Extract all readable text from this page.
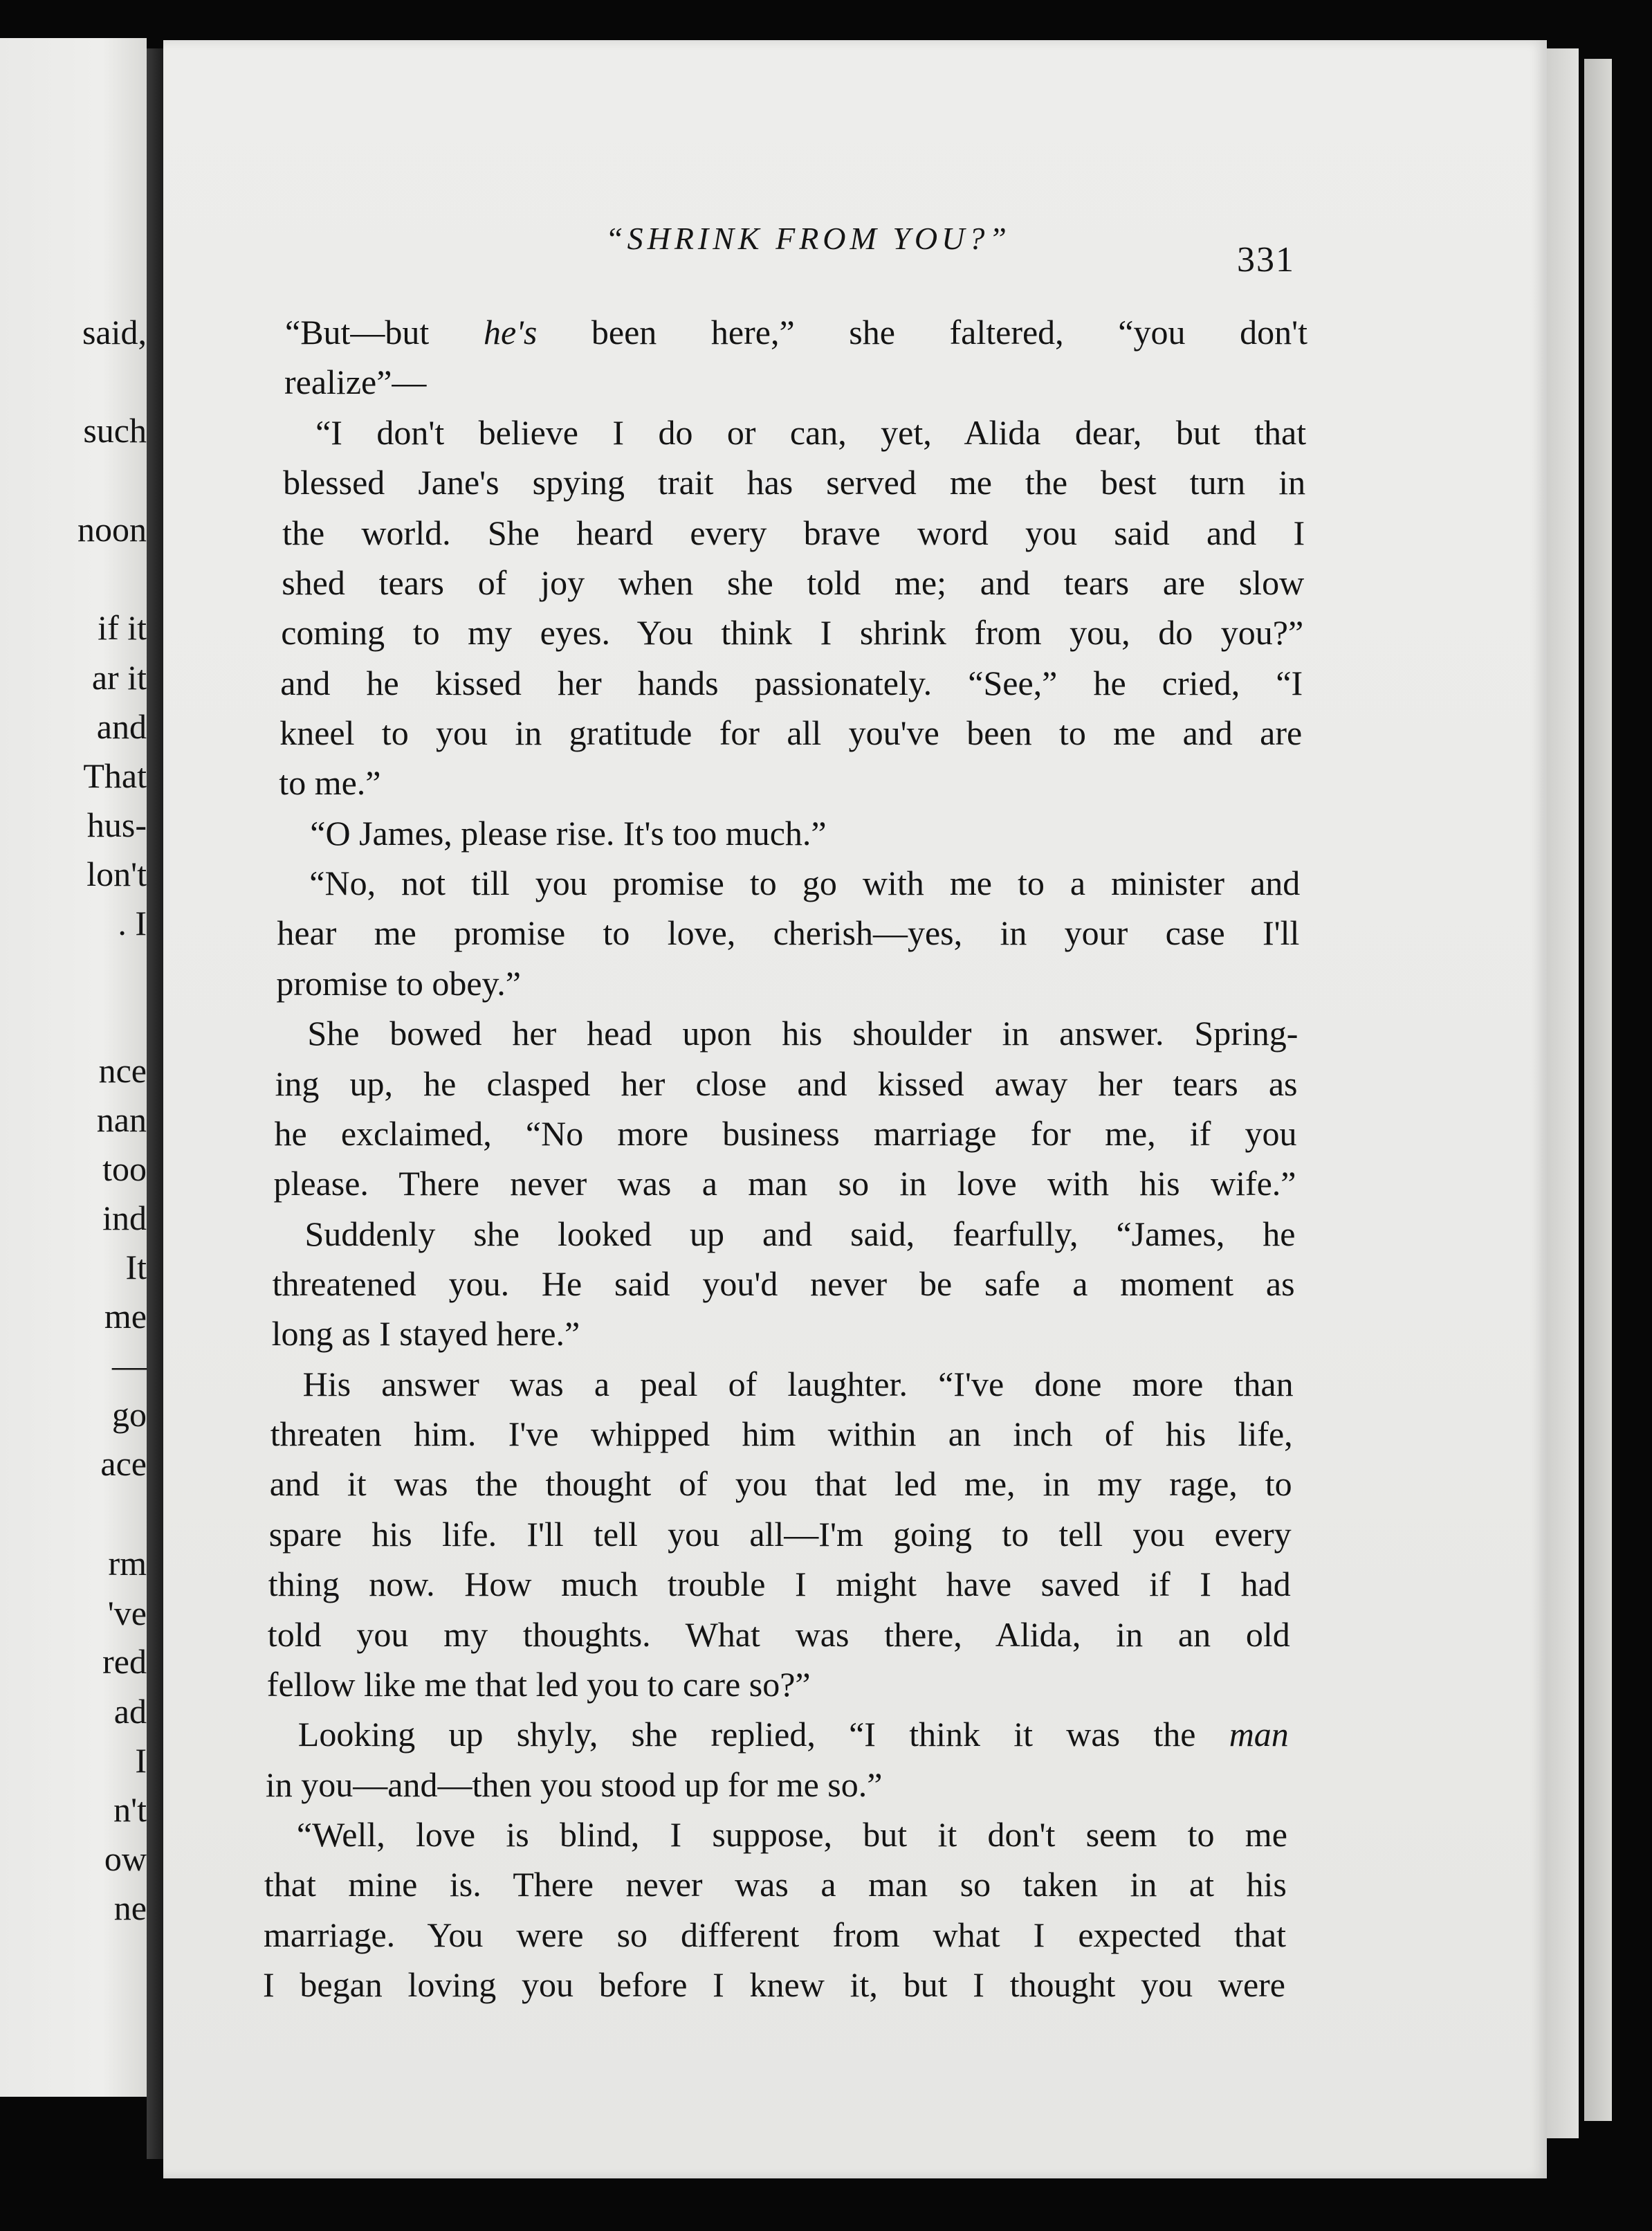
said,
such
noon
if it
ar it
and
That
hus-
lon't
. I
nce
nan
too
ind
It
me
—
go
ace
rm
've
red
ad
I
n't
ow
ne
“SHRINK FROM YOU?”
331
“But—but he's been here,” she faltered, “you don't
realize”—
“I don't believe I do or can, yet, Alida dear, but that
blessed Jane's spying trait has served me the best turn in
the world. She heard every brave word you said and I
shed tears of joy when she told me; and tears are slow
coming to my eyes. You think I shrink from you, do you?”
and he kissed her hands passionately. “See,” he cried, “I
kneel to you in gratitude for all you've been to me and are
to me.”
“O James, please rise. It's too much.”
“No, not till you promise to go with me to a minister and
hear me promise to love, cherish—yes, in your case I'll
promise to obey.”
She bowed her head upon his shoulder in answer. Spring-
ing up, he clasped her close and kissed away her tears as
he exclaimed, “No more business marriage for me, if you
please. There never was a man so in love with his wife.”
Suddenly she looked up and said, fearfully, “James, he
threatened you. He said you'd never be safe a moment as
long as I stayed here.”
His answer was a peal of laughter. “I've done more than
threaten him. I've whipped him within an inch of his life,
and it was the thought of you that led me, in my rage, to
spare his life. I'll tell you all—I'm going to tell you every
thing now. How much trouble I might have saved if I had
told you my thoughts. What was there, Alida, in an old
fellow like me that led you to care so?”
Looking up shyly, she replied, “I think it was the man
in you—and—then you stood up for me so.”
“Well, love is blind, I suppose, but it don't seem to me
that mine is. There never was a man so taken in at his
marriage. You were so different from what I expected that
I began loving you before I knew it, but I thought you were
